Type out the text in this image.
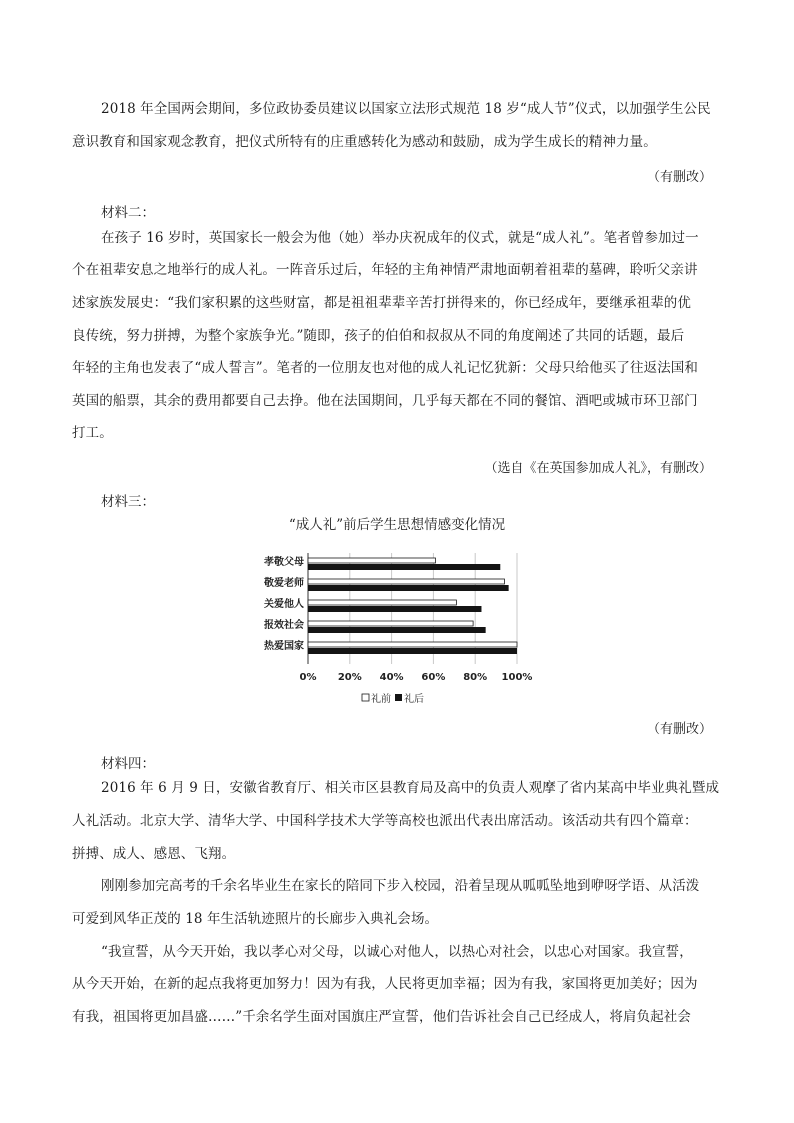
2018 年全国两会期间，多位政协委员建议以国家立法形式规范 18 岁“成人节”仪式，以加强学生公民
意识教育和国家观念教育，把仪式所特有的庄重感转化为感动和鼓励，成为学生成长的精神力量。
（有删改）
材料二：
在孩子 16 岁时，英国家长一般会为他（她）举办庆祝成年的仪式，就是“成人礼”。笔者曾参加过一
个在祖辈安息之地举行的成人礼。一阵音乐过后，年轻的主角神情严肃地面朝着祖辈的墓碑，聆听父亲讲
述家族发展史：“我们家积累的这些财富，都是祖祖辈辈辛苦打拼得来的，你已经成年，要继承祖辈的优
良传统，努力拼搏，为整个家族争光。”随即，孩子的伯伯和叔叔从不同的角度阐述了共同的话题，最后
年轻的主角也发表了“成人誓言”。笔者的一位朋友也对他的成人礼记忆犹新：父母只给他买了往返法国和
英国的船票，其余的费用都要自己去挣。他在法国期间，几乎每天都在不同的餐馆、酒吧或城市环卫部门
打工。
（选自《在英国参加成人礼》，有删改）
材料三：
“成人礼”前后学生思想情感变化情况
孝敬父母
敬爱老师
关爱他人
报效社会
热爱国家
0% 20% 40% 60% 80% 100%
礼前 礼后
（有删改）
材料四：
2016 年 6 月 9 日，安徽省教育厅、相关市区县教育局及高中的负责人观摩了省内某高中毕业典礼暨成
人礼活动。北京大学、清华大学、中国科学技术大学等高校也派出代表出席活动。该活动共有四个篇章：
拼搏、成人、感恩、飞翔。
刚刚参加完高考的千余名毕业生在家长的陪同下步入校园，沿着呈现从呱呱坠地到咿呀学语、从活泼
可爱到风华正茂的 18 年生活轨迹照片的长廊步入典礼会场。
“我宣誓，从今天开始，我以孝心对父母，以诚心对他人，以热心对社会，以忠心对国家。我宣誓，
从今天开始，在新的起点我将更加努力！因为有我，人民将更加幸福；因为有我，家国将更加美好；因为
有我，祖国将更加昌盛……”千余名学生面对国旗庄严宣誓，他们告诉社会自己已经成人，将肩负起社会
